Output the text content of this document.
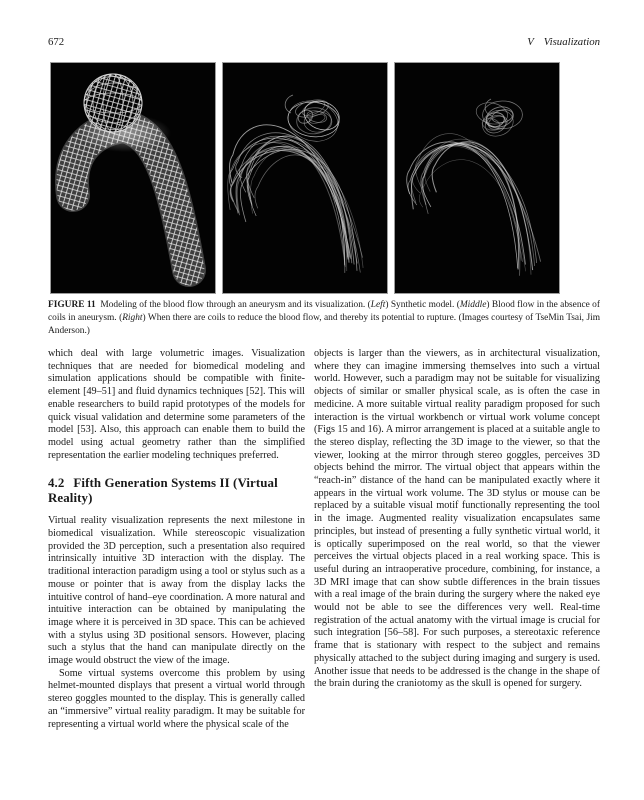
672	V Visualization

FIGURE 11  Modeling of the blood flow through an aneurysm and its visualization. (Left) Synthetic model. (Middle) Blood flow in the absence of coils in aneurysm. (Right) When there are coils to reduce the blood flow, and thereby its potential to rupture. (Images courtesy of TseMin Tsai, Jim Anderson.)

which deal with large volumetric images. Visualization techniques that are needed for biomedical modeling and simulation applications should be compatible with finite-element [49–51] and fluid dynamics techniques [52]. This will enable researchers to build rapid prototypes of the models for quick visual validation and determine some parameters of the model [53]. Also, this approach can enable them to build the model using actual geometry rather than the simplified representation the earlier modeling techniques preferred.

4.2 Fifth Generation Systems II (Virtual Reality)

Virtual reality visualization represents the next milestone in biomedical visualization. While stereoscopic visualization provided the 3D perception, such a presentation also required intrinsically intuitive 3D interaction with the display. The traditional interaction paradigm using a tool or stylus such as a mouse or pointer that is away from the display lacks the intuitive control of hand–eye coordination. A more natural and intuitive interaction can be obtained by manipulating the image where it is perceived in 3D space. This can be achieved with a stylus using 3D positional sensors. However, placing such a stylus that the hand can manipulate directly on the image would obstruct the view of the image.

Some virtual systems overcome this problem by using helmet-mounted displays that present a virtual world through stereo goggles mounted to the display. This is generally called an “immersive” virtual reality paradigm. It may be suitable for representing a virtual world where the physical scale of the

objects is larger than the viewers, as in architectural visualization, where they can imagine immersing themselves into such a virtual world. However, such a paradigm may not be suitable for visualizing objects of similar or smaller physical scale, as is often the case in medicine. A more suitable virtual reality paradigm proposed for such interaction is the virtual workbench or virtual work volume concept (Figs 15 and 16). A mirror arrangement is placed at a suitable angle to the stereo display, reflecting the 3D image to the viewer, so that the viewer, looking at the mirror through stereo goggles, perceives 3D objects behind the mirror. The virtual object that appears within the “reach-in” distance of the hand can be manipulated exactly where it appears in the virtual work volume. The 3D stylus or mouse can be replaced by a suitable visual motif functionally representing the tool in the image. Augmented reality visualization encapsulates same principles, but instead of presenting a fully synthetic virtual world, it is optically superimposed on the real world, so that the viewer perceives the virtual objects placed in a real working space. This is useful during an intraoperative procedure, combining, for instance, a 3D MRI image that can show subtle differences in the brain tissues with a real image of the brain during the surgery where the naked eye would not be able to see the differences very well. Real-time registration of the actual anatomy with the virtual image is crucial for such integration [56–58]. For such purposes, a stereotaxic reference frame that is stationary with respect to the subject and remains physically attached to the subject during imaging and surgery is used. Another issue that needs to be addressed is the change in the shape of the brain during the craniotomy as the skull is opened for surgery.
